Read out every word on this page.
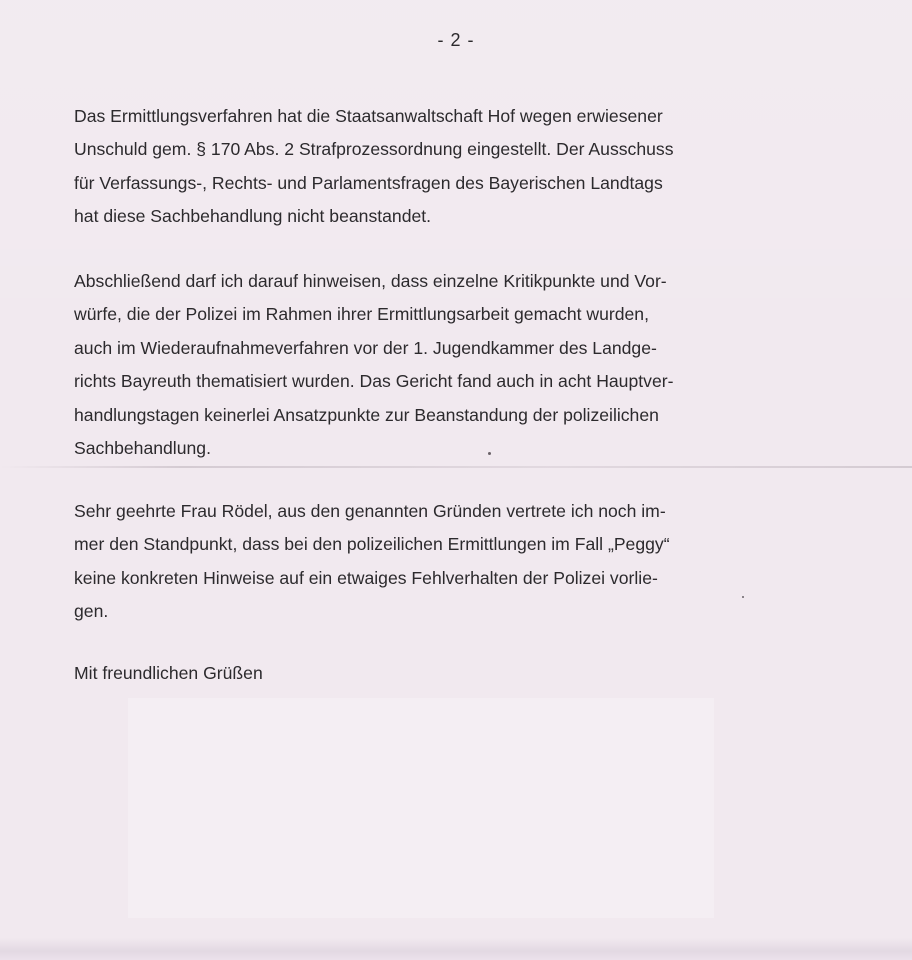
- 2 -

Das Ermittlungsverfahren hat die Staatsanwaltschaft Hof wegen erwiesener
Unschuld gem. § 170 Abs. 2 Strafprozessordnung eingestellt. Der Ausschuss
für Verfassungs-, Rechts- und Parlamentsfragen des Bayerischen Landtags
hat diese Sachbehandlung nicht beanstandet.

Abschließend darf ich darauf hinweisen, dass einzelne Kritikpunkte und Vor-
würfe, die der Polizei im Rahmen ihrer Ermittlungsarbeit gemacht wurden,
auch im Wiederaufnahmeverfahren vor der 1. Jugendkammer des Landge-
richts Bayreuth thematisiert wurden. Das Gericht fand auch in acht Hauptver-
handlungstagen keinerlei Ansatzpunkte zur Beanstandung der polizeilichen
Sachbehandlung.

Sehr geehrte Frau Rödel, aus den genannten Gründen vertrete ich noch im-
mer den Standpunkt, dass bei den polizeilichen Ermittlungen im Fall „Peggy“
keine konkreten Hinweise auf ein etwaiges Fehlverhalten der Polizei vorlie-
gen.

Mit freundlichen Grüßen
